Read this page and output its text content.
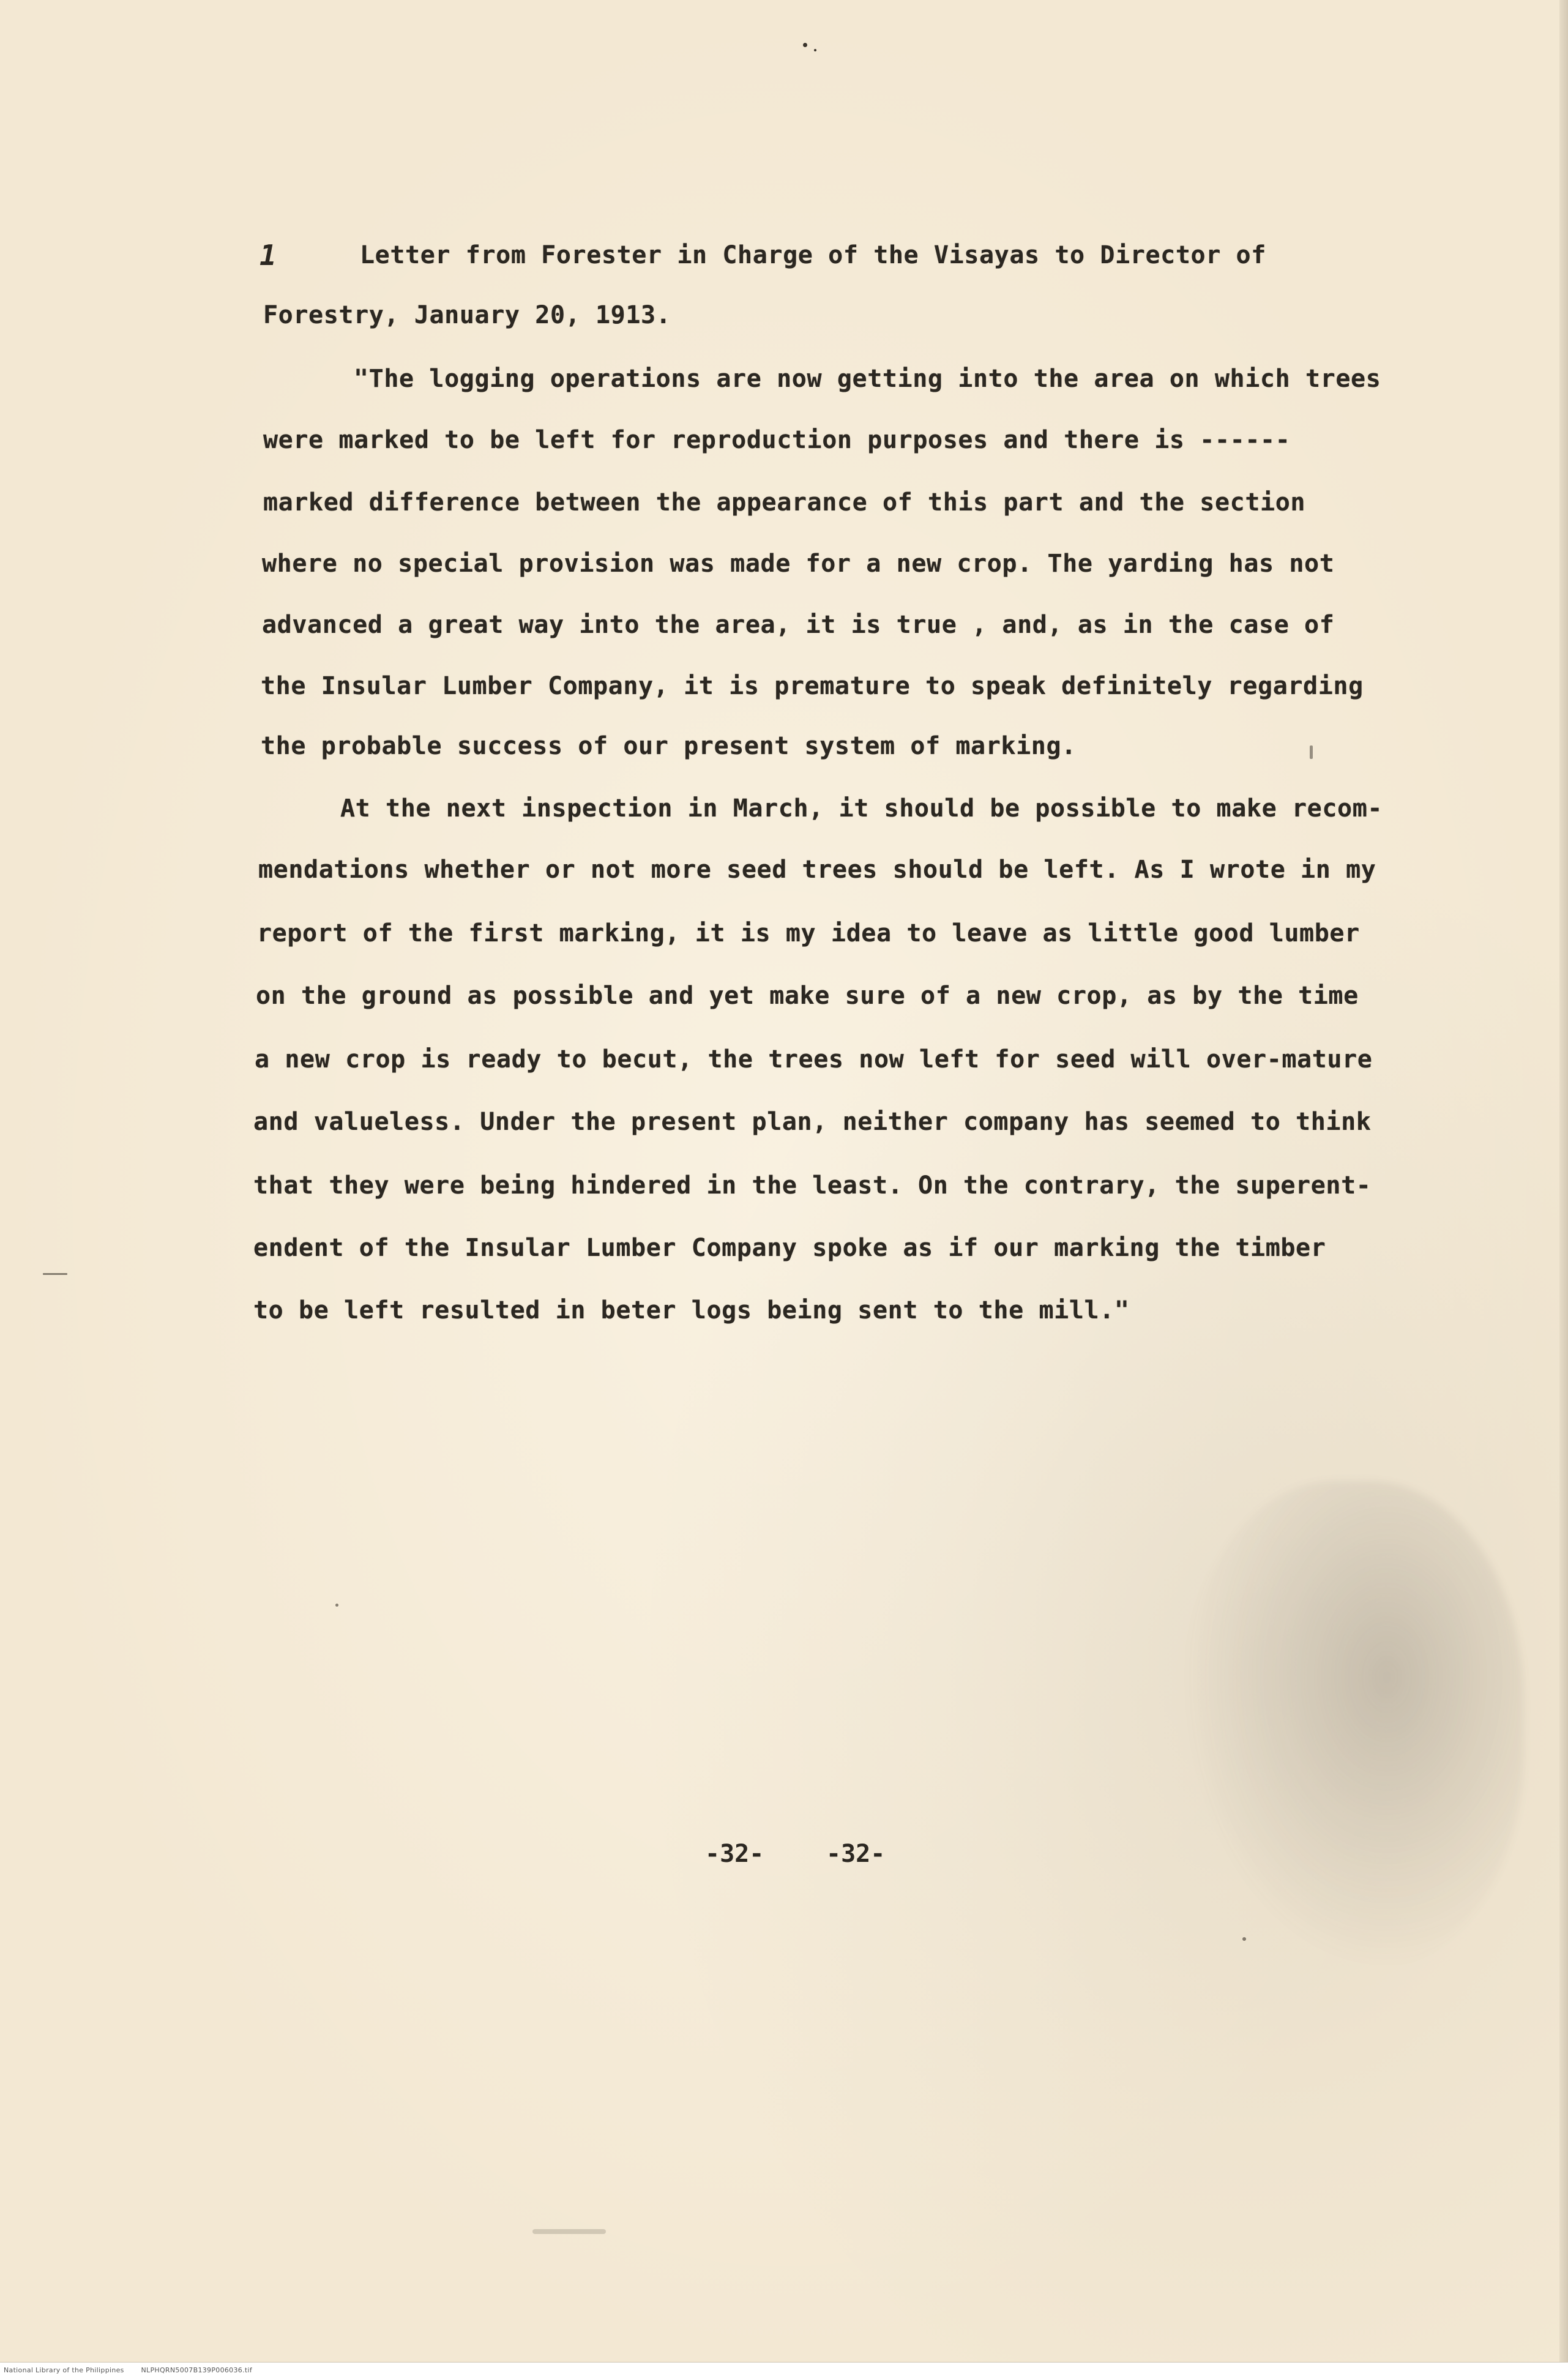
1	Letter from Forester in Charge of the Visayas to Director of
Forestry, January 20, 1913.
"The logging operations are now getting into the area on which trees
were marked to be left for reproduction purposes and there is ------
marked difference between the appearance of this part and the section
where no special provision was made for a new crop. The yarding has not
advanced a great way into the area, it is true , and, as in the case of
the Insular Lumber Company, it is premature to speak definitely regarding
the probable success of our present system of marking.
At the next inspection in March, it should be possible to make recom-
mendations whether or not more seed trees should be left. As I wrote in my
report of the first marking, it is my idea to leave as little good lumber
on the ground as possible and yet make sure of a new crop, as by the time
a new crop is ready to becut, the trees now left for seed will over-mature
and valueless. Under the present plan, neither company has seemed to think
that they were being hindered in the least. On the contrary, the superent-
endent of the Insular Lumber Company spoke as if our marking the timber
to be left resulted in beter logs being sent to the mill."
-32-	-32-
National Library of the Philippines	NLPHQRN5007B139P006036.tif
